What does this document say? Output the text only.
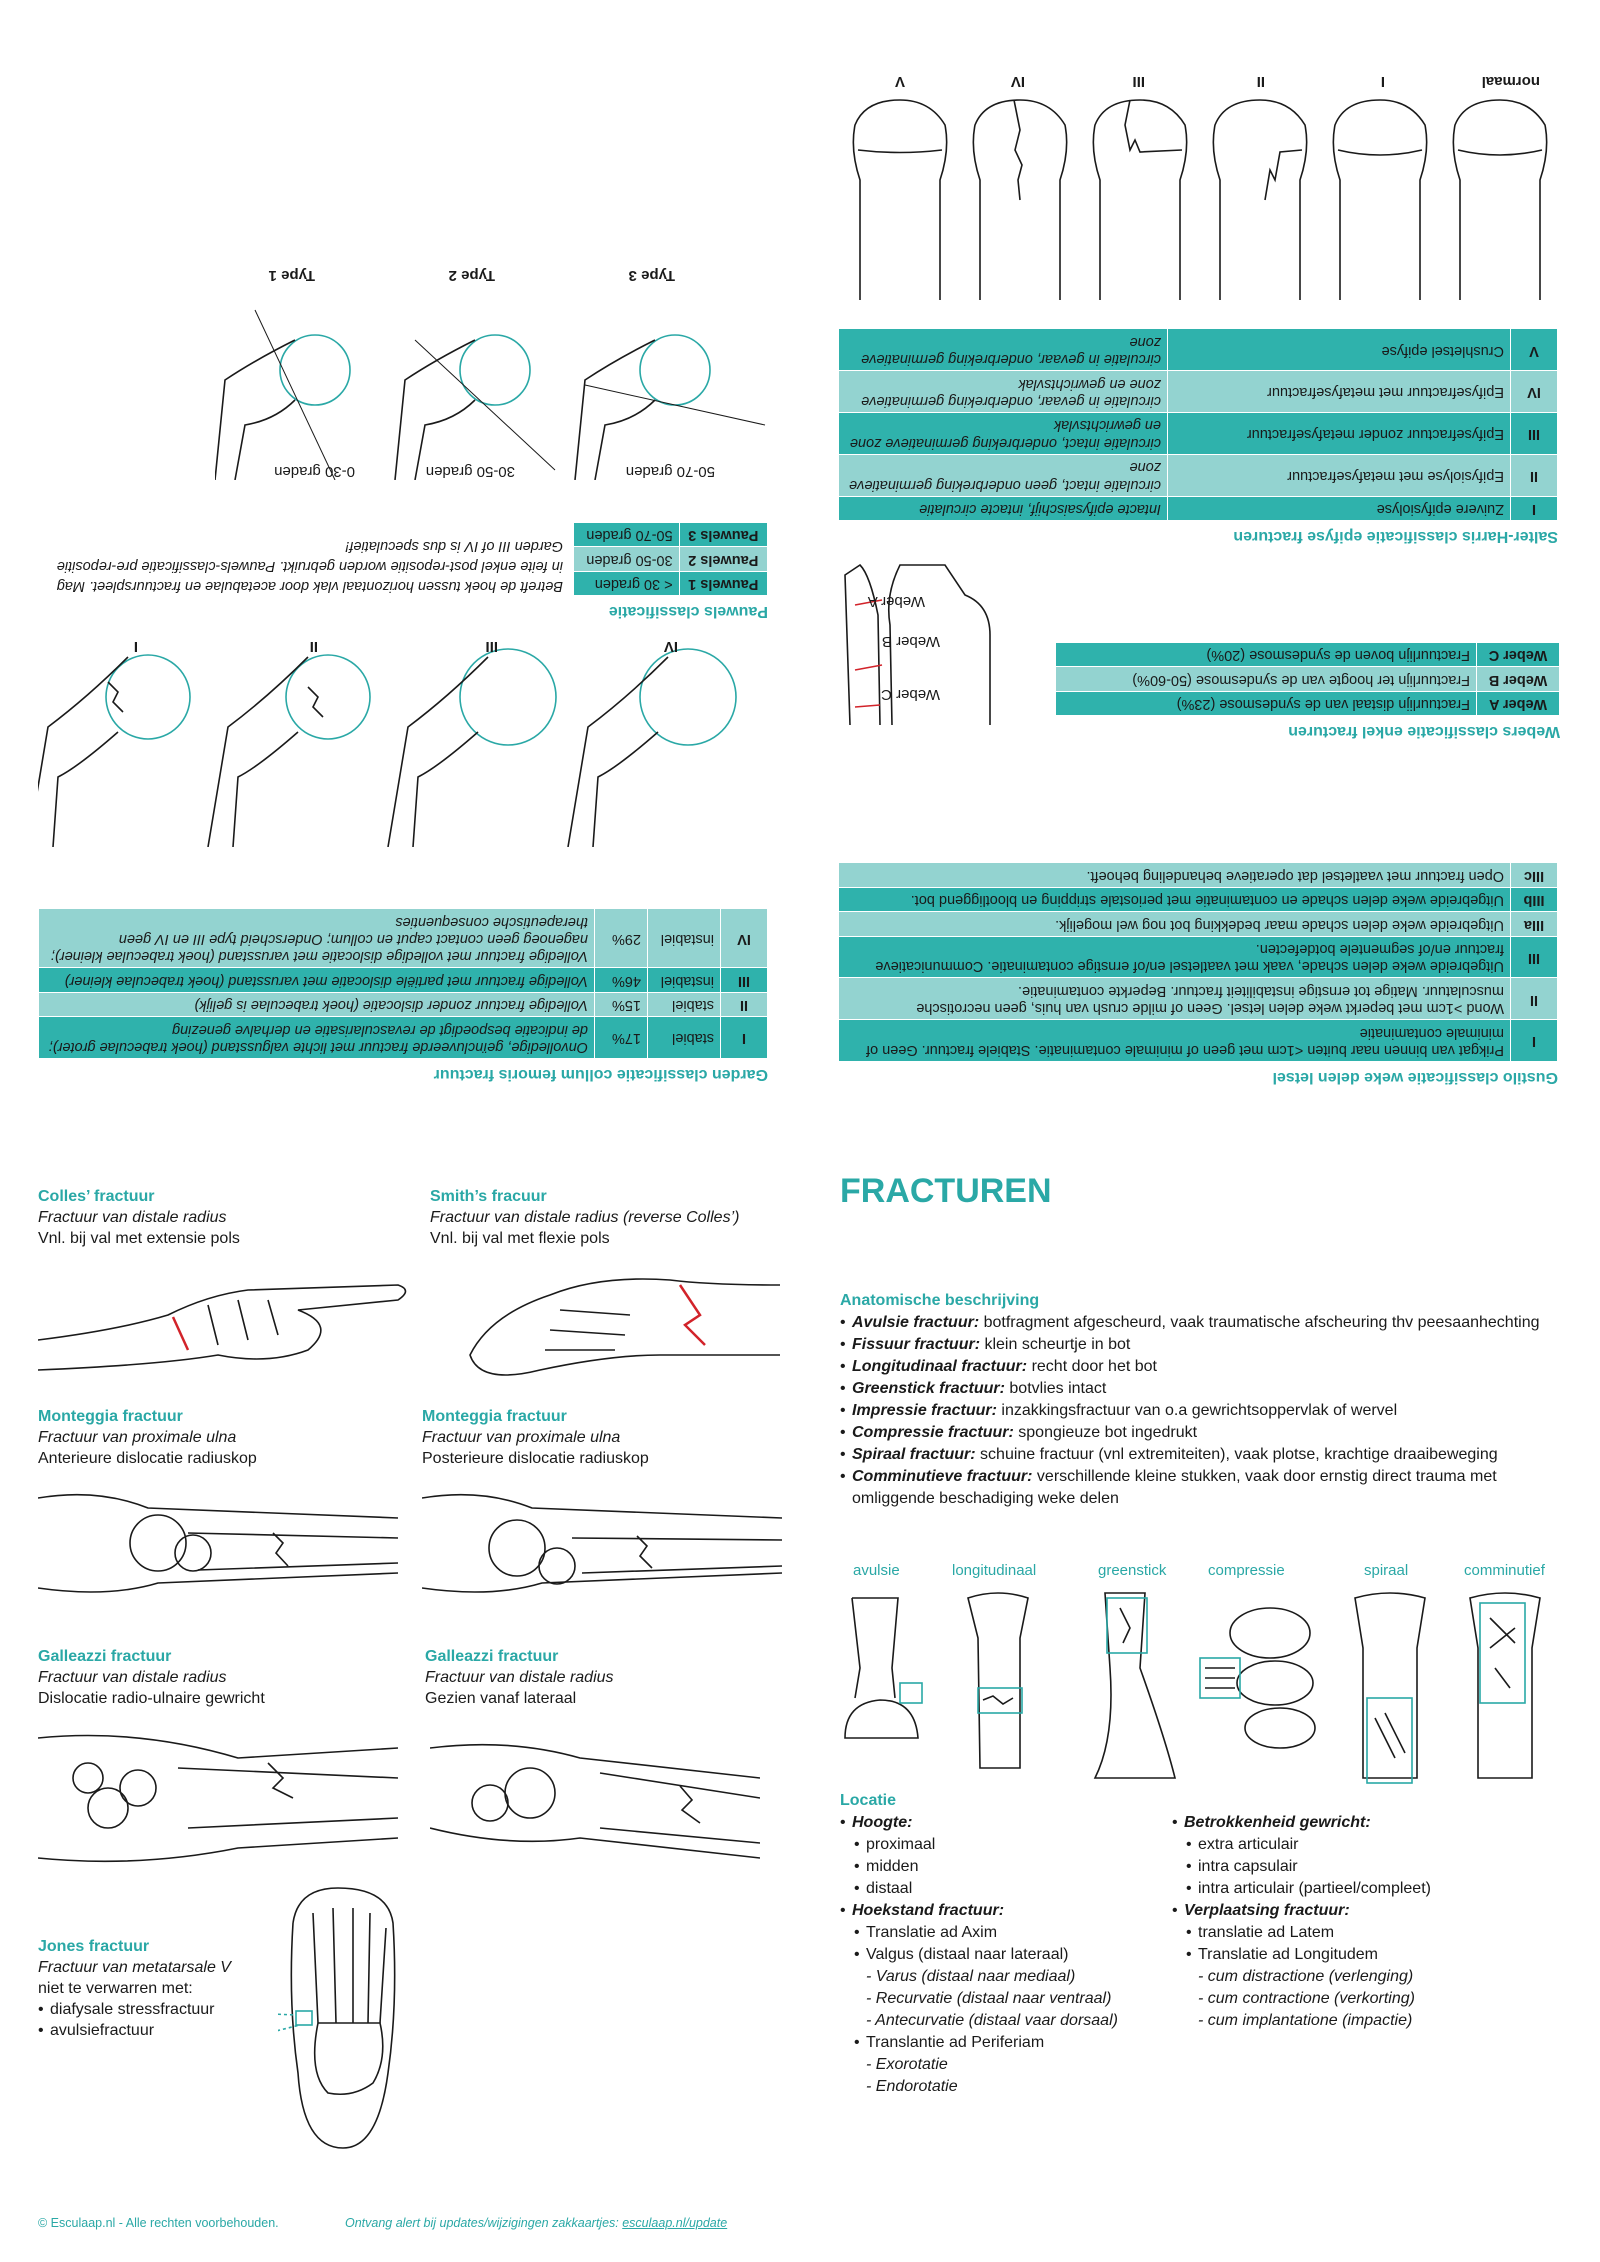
Gustilo classificatie weke delen letsel
I	Prikgat van binnen naar buiten <1cm met geen of minimale contaminatie. Stabiele fractuur. Geen of minimale contaminatie
II	Wond >1cm met beperkt weke delen letsel. Geen of milde crush van huis, geen necrotische musculatuur. Matige tot ernstige instabiliteit fractuur. Beperkte contaminatie.
III	Uitgebreide weke delen schade, vaak met vaatletsel en/of ernstige contaminatie. Communicatieve fractuur en/of segmentele botdefecten.
IIIa	Uitgebreide weke delen schade maar bedekking bot nog wel mogelijk.
IIIb	Uitgebreide weke delen schade en contaminatie met periostale stripping en blootliggend bot.
IIIc	Open fractuur met vaatletsel dat operatieve behandeling behoeft.
Webers classificatie enkel fracturen
Weber A	Fractuurlijn distaal van de syndesmose (23%)
Weber B	Fractuurlijn ter hoogte van de syndesmose (50-60%)
Weber C	Fractuurlijn boven de syndesmose (20%)
Weber A
Weber B
Weber C
Salter-Harris classificatie epifyse fracturen
I	Zuivere epifysiolyse	Intacte epifysaischijf, intacte circulatie
II	Epifysiolyse met metafysefractuur	circulatie intact, geen onderbreking germinatieve zone
III	Epifysefractuur zonder metafysefractuur	circulatie intact, onderbreking germinatieve zone en gewrichtsvlak
IV	Epifysefractuur met metafysefractuur	circulatie in gevaar, onderbreking germinatieve zone en gewrichtsvlak
V	Crushletsel epifyse	circulatie in gevaar, onderbreking germinatieve zone
normaal
I
II
III
IV
V
Garden classificatie collum femoris fractuur
I	stabiel	17%	Onvolledige, geïncluveerde fractuur met lichte valgusstand (hoek trabeculae groter); de indicatie bespoedigt de revascularisatie en derhalve genezing
II	stabiel	15%	Volledige fractuur zonder dislocatie (hoek trabeculae is gelijk)
III	instabiel	46%	Volledige fractuur met partiële dislocatie met varusstand (hoek trabeculae kleiner)
IV	instabiel	29%	Volledige fractuur met volledige dislocatie met varusstand (hoek trabeculae kleiner); nagenoeg geen contact caput en collum; Onderscheid type III en IV geen therapeutische consequenties
I	II	III	IV
Pauwels classificatie
Pauwels 1	< 30 graden
Pauwels 2	30-50 graden
Pauwels 3	50-70 graden
Betreft de hoek tussen horizontaal vlak door acetabulae en fractuurspleet. Mag in feite enkel post-repositie worden gebruikt. Pauwels-classificatie pre-repositie Garden III of IV is dus speculatief!
0-30 graden	30-50 graden	50-70 graden
Type 1	Type 2	Type 3
Colles’ fractuur
Fractuur van distale radius
Vnl. bij val met extensie pols
Smith’s fracuur
Fractuur van distale radius (reverse Colles’)
Vnl. bij val met flexie pols
Monteggia fractuur
Fractuur van proximale ulna
Anterieure dislocatie radiuskop
Monteggia fractuur
Fractuur van proximale ulna
Posterieure dislocatie radiuskop
Galleazzi fractuur
Fractuur van distale radius
Dislocatie radio-ulnaire gewricht
Galleazzi fractuur
Fractuur van distale radius
Gezien vanaf lateraal
Jones fractuur
Fractuur van metatarsale V
niet te verwarren met:
• diafysale stressfractuur
• avulsiefractuur
© Esculaap.nl - Alle rechten voorbehouden.	Ontvang alert bij updates/wijzigingen zakkaartjes: esculaap.nl/update
FRACTUREN
Anatomische beschrijving
• Avulsie fractuur: botfragment afgescheurd, vaak traumatische afscheuring thv peesaanhechting
• Fissuur fractuur: klein scheurtje in bot
• Longitudinaal fractuur: recht door het bot
• Greenstick fractuur: botvlies intact
• Impressie fractuur: inzakkingsfractuur van o.a gewrichtsoppervlak of wervel
• Compressie fractuur: spongieuze bot ingedrukt
• Spiraal fractuur: schuine fractuur (vnl extremiteiten), vaak plotse, krachtige draaibeweging
• Comminutieve fractuur: verschillende kleine stukken, vaak door ernstig direct trauma met omliggende beschadiging weke delen
avulsie	longitudinaal	greenstick	compressie	spiraal	comminutief
Locatie
• Hoogte:
• proximaal
• midden
• distaal
• Hoekstand fractuur:
• Translatie ad Axim
• Valgus (distaal naar lateraal)
- Varus (distaal naar mediaal)
- Recurvatie (distaal naar ventraal)
- Antecurvatie (distaal vaar dorsaal)
• Translantie ad Periferiam
- Exorotatie
- Endorotatie
• Betrokkenheid gewricht:
• extra articulair
• intra capsulair
• intra articulair (partieel/compleet)
• Verplaatsing fractuur:
• translatie ad Latem
• Translatie ad Longitudem
- cum distractione (verlenging)
- cum contractione (verkorting)
- cum implantatione (impactie)
